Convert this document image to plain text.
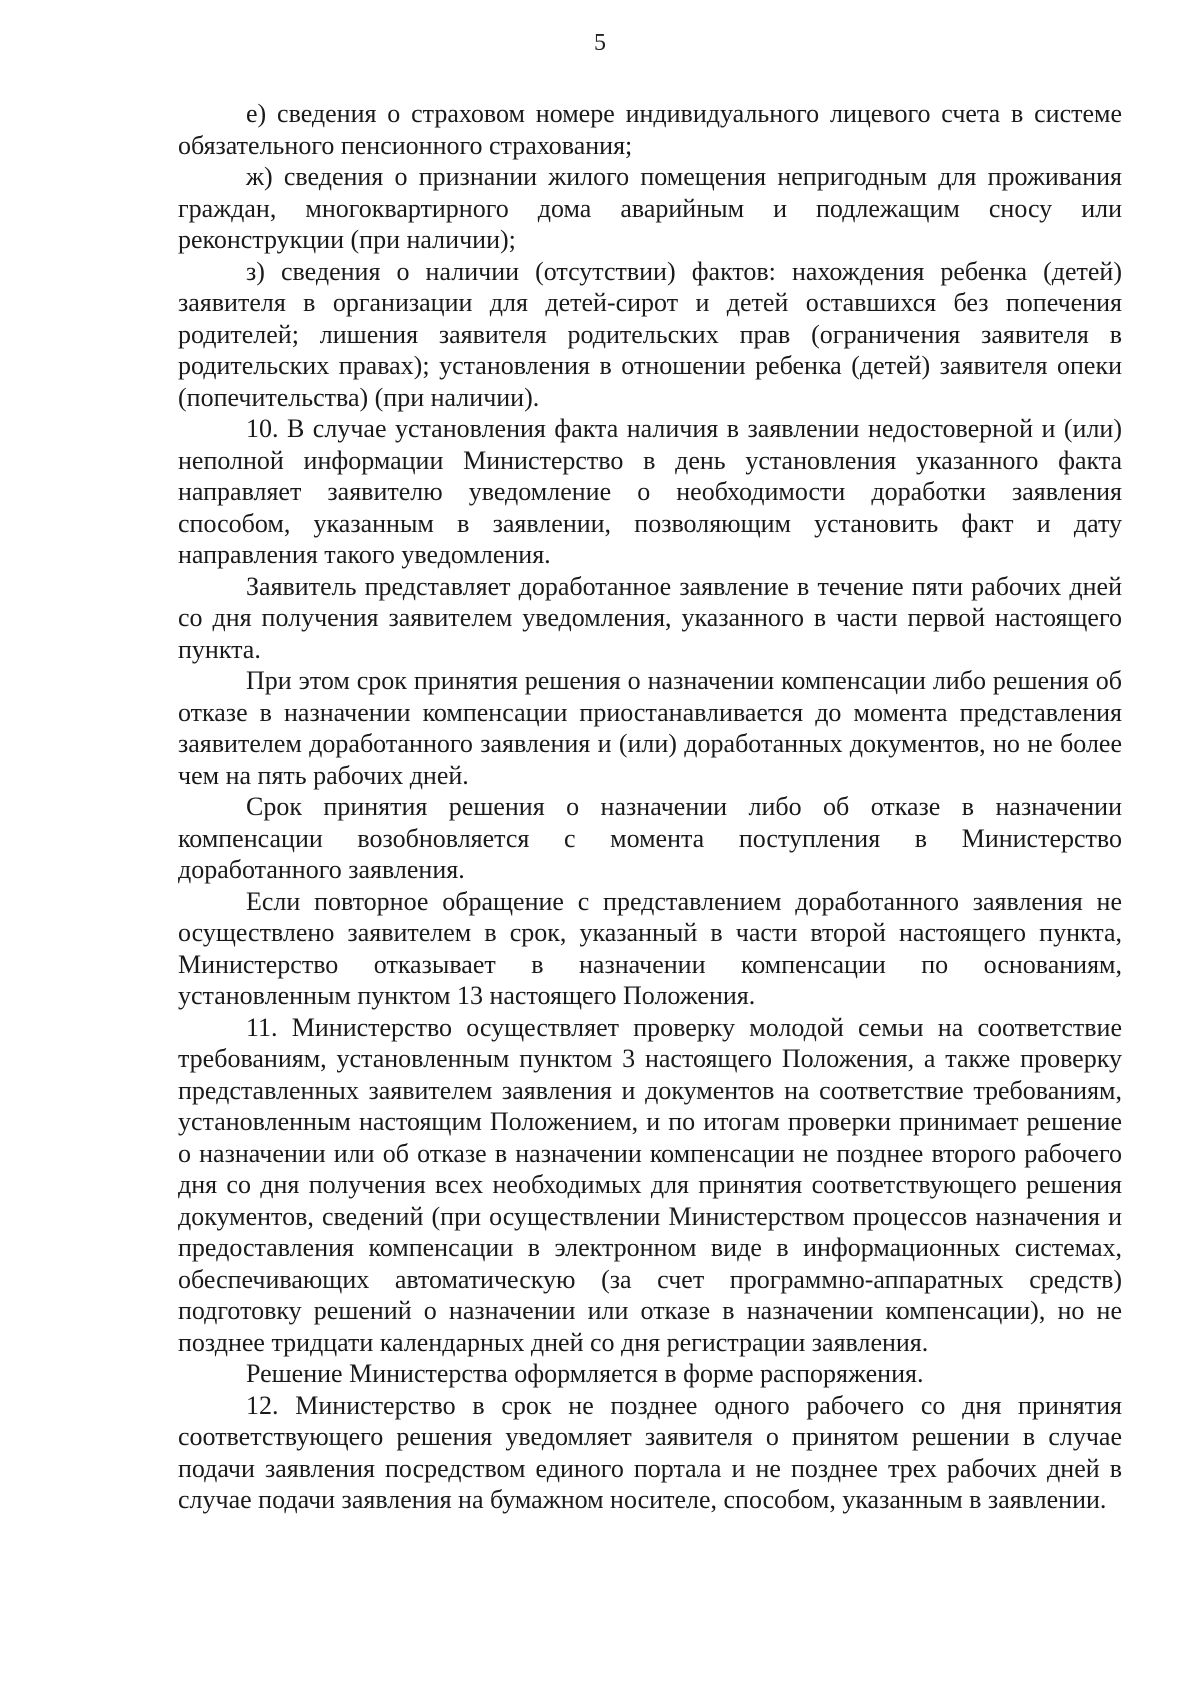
5

е) сведения о страховом номере индивидуального лицевого счета в системе обязательного пенсионного страхования;

ж) сведения о признании жилого помещения непригодным для проживания граждан, многоквартирного дома аварийным и подлежащим сносу или реконструкции (при наличии);

з) сведения о наличии (отсутствии) фактов: нахождения ребенка (детей) заявителя в организации для детей-сирот и детей оставшихся без попечения родителей; лишения заявителя родительских прав (ограничения заявителя в родительских правах); установления в отношении ребенка (детей) заявителя опеки (попечительства) (при наличии).

10. В случае установления факта наличия в заявлении недостоверной и (или) неполной информации Министерство в день установления указанного факта направляет заявителю уведомление о необходимости доработки заявления способом, указанным в заявлении, позволяющим установить факт и дату направления такого уведомления.

Заявитель представляет доработанное заявление в течение пяти рабочих дней со дня получения заявителем уведомления, указанного в части первой настоящего пункта.

При этом срок принятия решения о назначении компенсации либо решения об отказе в назначении компенсации приостанавливается до момента представления заявителем доработанного заявления и (или) доработанных документов, но не более чем на пять рабочих дней.

Срок принятия решения о назначении либо об отказе в назначении компенсации возобновляется с момента поступления в Министерство доработанного заявления.

Если повторное обращение с представлением доработанного заявления не осуществлено заявителем в срок, указанный в части второй настоящего пункта, Министерство отказывает в назначении компенсации по основаниям, установленным пунктом 13 настоящего Положения.

11. Министерство осуществляет проверку молодой семьи на соответствие требованиям, установленным пунктом 3 настоящего Положения, а также проверку представленных заявителем заявления и документов на соответствие требованиям, установленным настоящим Положением, и по итогам проверки принимает решение о назначении или об отказе в назначении компенсации не позднее второго рабочего дня со дня получения всех необходимых для принятия соответствующего решения документов, сведений (при осуществлении Министерством процессов назначения и предоставления компенсации в электронном виде в информационных системах, обеспечивающих автоматическую (за счет программно-аппаратных средств) подготовку решений о назначении или отказе в назначении компенсации), но не позднее тридцати календарных дней со дня регистрации заявления.

Решение Министерства оформляется в форме распоряжения.

12. Министерство в срок не позднее одного рабочего со дня принятия соответствующего решения уведомляет заявителя о принятом решении в случае подачи заявления посредством единого портала и не позднее трех рабочих дней в случае подачи заявления на бумажном носителе, способом, указанным в заявлении.
